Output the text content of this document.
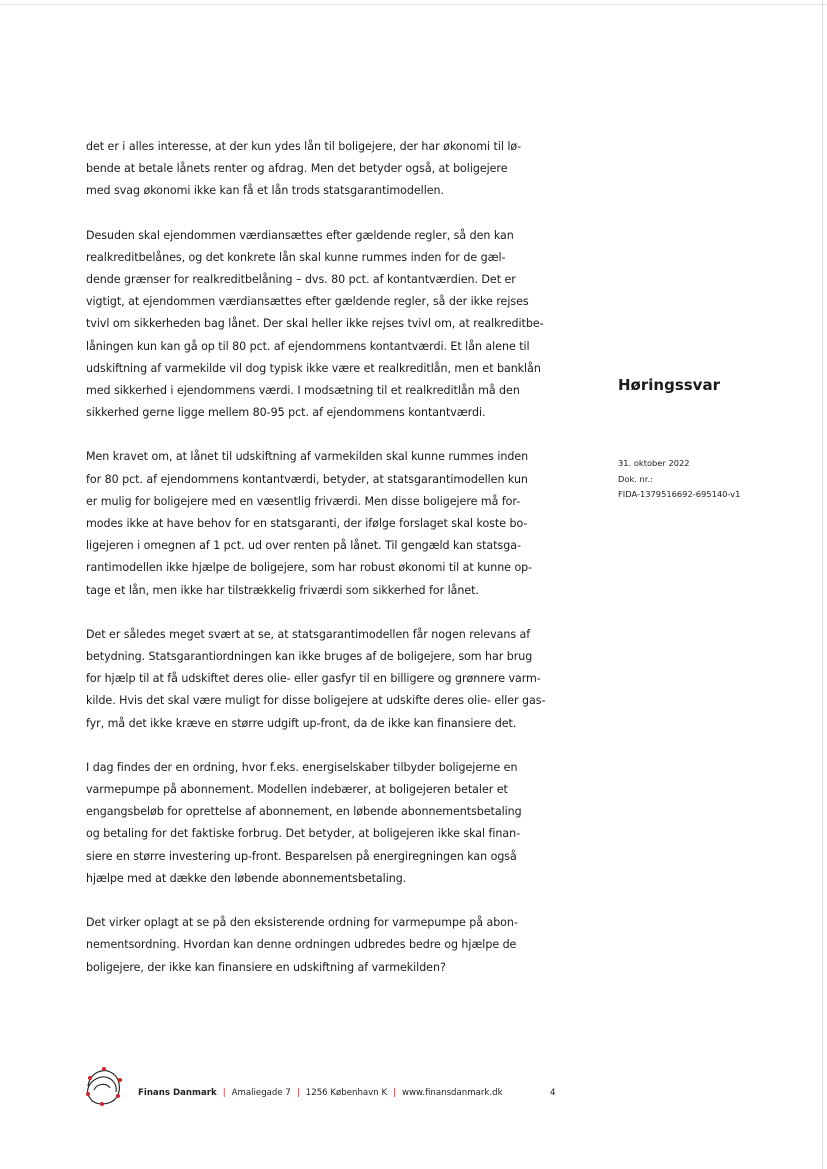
det er i alles interesse, at der kun ydes lån til boligejere, der har økonomi til lø-
bende at betale lånets renter og afdrag. Men det betyder også, at boligejere
med svag økonomi ikke kan få et lån trods statsgarantimodellen.

Desuden skal ejendommen værdiansættes efter gældende regler, så den kan
realkreditbelånes, og det konkrete lån skal kunne rummes inden for de gæl-
dende grænser for realkreditbelåning – dvs. 80 pct. af kontantværdien. Det er
vigtigt, at ejendommen værdiansættes efter gældende regler, så der ikke rejses
tvivl om sikkerheden bag lånet. Der skal heller ikke rejses tvivl om, at realkreditbe-
låningen kun kan gå op til 80 pct. af ejendommens kontantværdi. Et lån alene til
udskiftning af varmekilde vil dog typisk ikke være et realkreditlån, men et banklån
med sikkerhed i ejendommens værdi. I modsætning til et realkreditlån må den
sikkerhed gerne ligge mellem 80-95 pct. af ejendommens kontantværdi.

Men kravet om, at lånet til udskiftning af varmekilden skal kunne rummes inden
for 80 pct. af ejendommens kontantværdi, betyder, at statsgarantimodellen kun
er mulig for boligejere med en væsentlig friværdi. Men disse boligejere må for-
modes ikke at have behov for en statsgaranti, der ifølge forslaget skal koste bo-
ligejeren i omegnen af 1 pct. ud over renten på lånet. Til gengæld kan statsga-
rantimodellen ikke hjælpe de boligejere, som har robust økonomi til at kunne op-
tage et lån, men ikke har tilstrækkelig friværdi som sikkerhed for lånet.

Det er således meget svært at se, at statsgarantimodellen får nogen relevans af
betydning. Statsgarantiordningen kan ikke bruges af de boligejere, som har brug
for hjælp til at få udskiftet deres olie- eller gasfyr til en billigere og grønnere varm-
kilde. Hvis det skal være muligt for disse boligejere at udskifte deres olie- eller gas-
fyr, må det ikke kræve en større udgift up-front, da de ikke kan finansiere det.

I dag findes der en ordning, hvor f.eks. energiselskaber tilbyder boligejerne en
varmepumpe på abonnement. Modellen indebærer, at boligejeren betaler et
engangsbeløb for oprettelse af abonnement, en løbende abonnementsbetaling
og betaling for det faktiske forbrug. Det betyder, at boligejeren ikke skal finan-
siere en større investering up-front. Besparelsen på energiregningen kan også
hjælpe med at dække den løbende abonnementsbetaling.

Det virker oplagt at se på den eksisterende ordning for varmepumpe på abon-
nementsordning. Hvordan kan denne ordningen udbredes bedre og hjælpe de
boligejere, der ikke kan finansiere en udskiftning af varmekilden?

Høringssvar
31. oktober 2022
Dok. nr.:
FIDA-1379516692-695140-v1
Finans Danmark | Amaliegade 7 | 1256 København K | www.finansdanmark.dk	4
